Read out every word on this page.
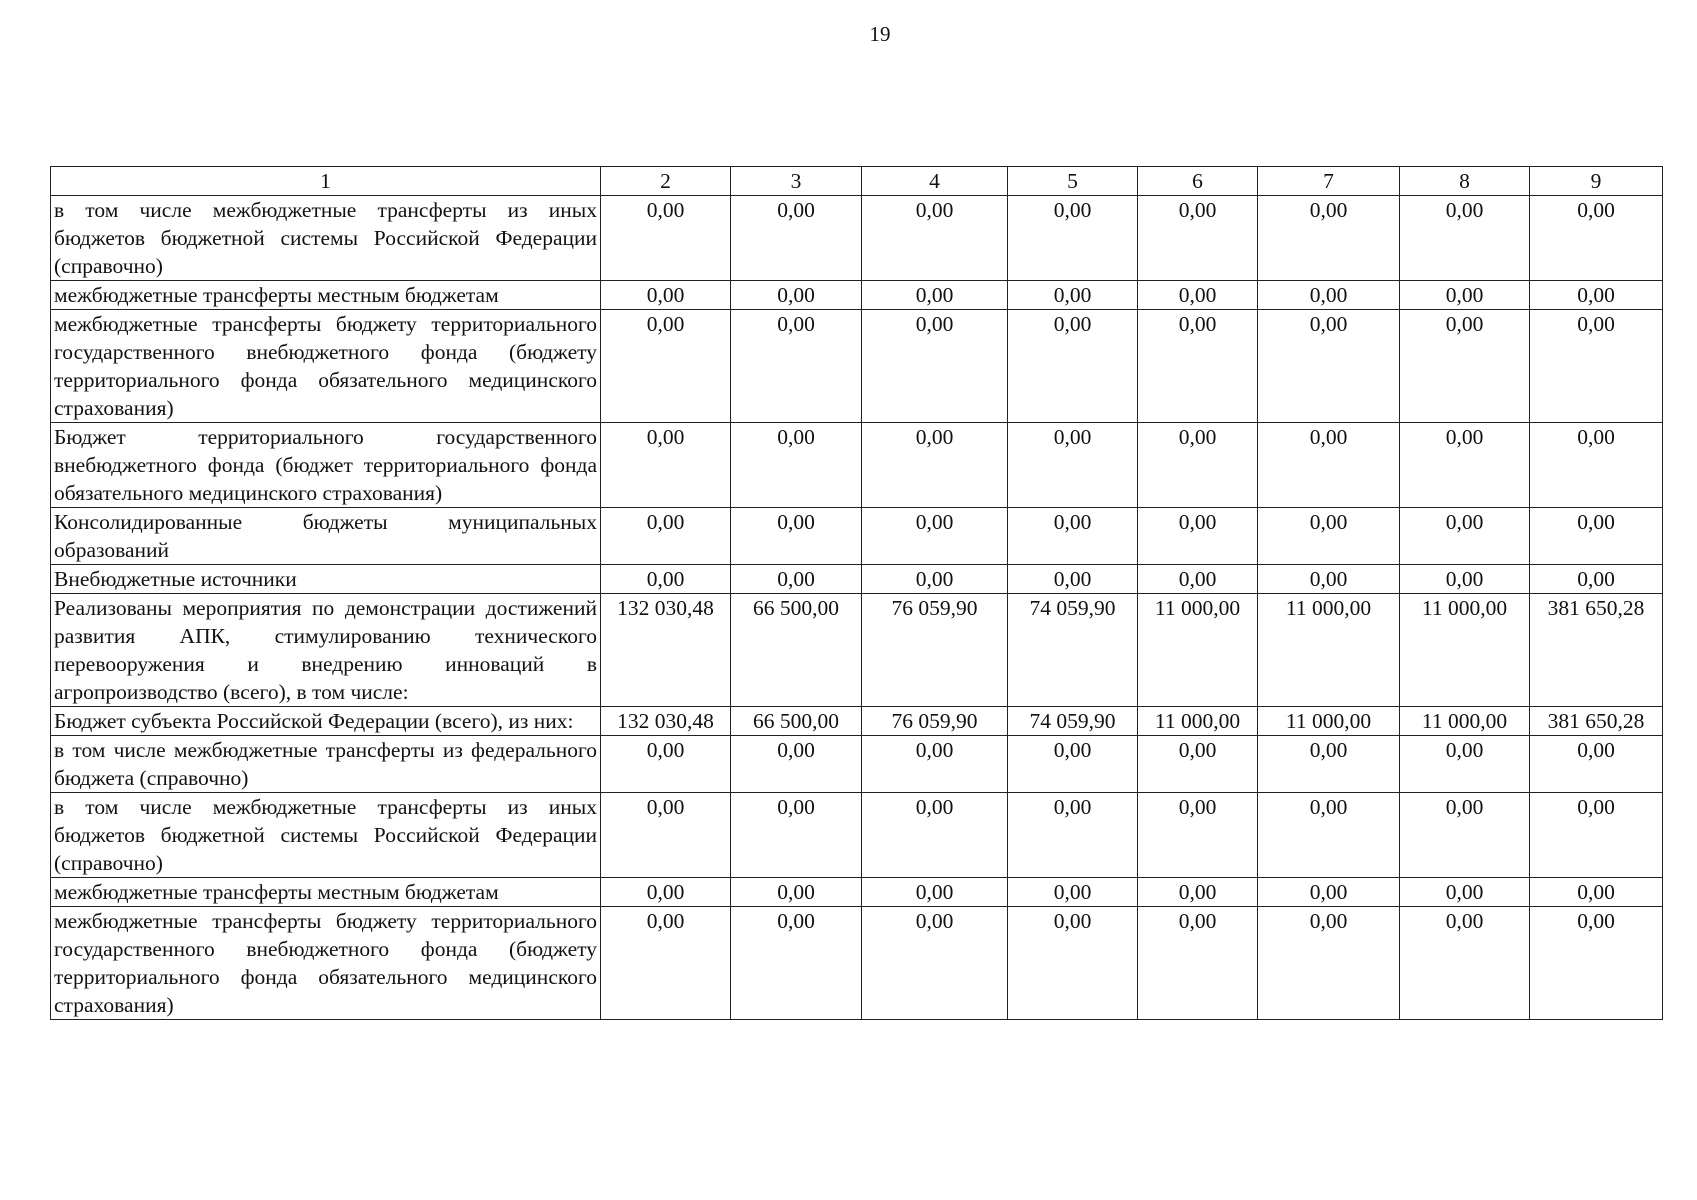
19
1	2	3	4	5	6	7	8	9
в том числе межбюджетные трансферты из иных бюджетов бюджетной системы Российской Федерации (справочно)	0,00	0,00	0,00	0,00	0,00	0,00	0,00	0,00
межбюджетные трансферты местным бюджетам	0,00	0,00	0,00	0,00	0,00	0,00	0,00	0,00
межбюджетные трансферты бюджету территориального государственного внебюджетного фонда (бюджету территориального фонда обязательного медицинского страхования)	0,00	0,00	0,00	0,00	0,00	0,00	0,00	0,00
Бюджет территориального государственного внебюджетного фонда (бюджет территориального фонда обязательного медицинского страхования)	0,00	0,00	0,00	0,00	0,00	0,00	0,00	0,00
Консолидированные бюджеты муниципальных образований	0,00	0,00	0,00	0,00	0,00	0,00	0,00	0,00
Внебюджетные источники	0,00	0,00	0,00	0,00	0,00	0,00	0,00	0,00
Реализованы мероприятия по демонстрации достижений развития АПК, стимулированию технического перевооружения и внедрению инноваций в агропроизводство (всего), в том числе:	132 030,48	66 500,00	76 059,90	74 059,90	11 000,00	11 000,00	11 000,00	381 650,28
Бюджет субъекта Российской Федерации (всего), из них:	132 030,48	66 500,00	76 059,90	74 059,90	11 000,00	11 000,00	11 000,00	381 650,28
в том числе межбюджетные трансферты из федерального бюджета (справочно)	0,00	0,00	0,00	0,00	0,00	0,00	0,00	0,00
в том числе межбюджетные трансферты из иных бюджетов бюджетной системы Российской Федерации (справочно)	0,00	0,00	0,00	0,00	0,00	0,00	0,00	0,00
межбюджетные трансферты местным бюджетам	0,00	0,00	0,00	0,00	0,00	0,00	0,00	0,00
межбюджетные трансферты бюджету территориального государственного внебюджетного фонда (бюджету территориального фонда обязательного медицинского страхования)	0,00	0,00	0,00	0,00	0,00	0,00	0,00	0,00
